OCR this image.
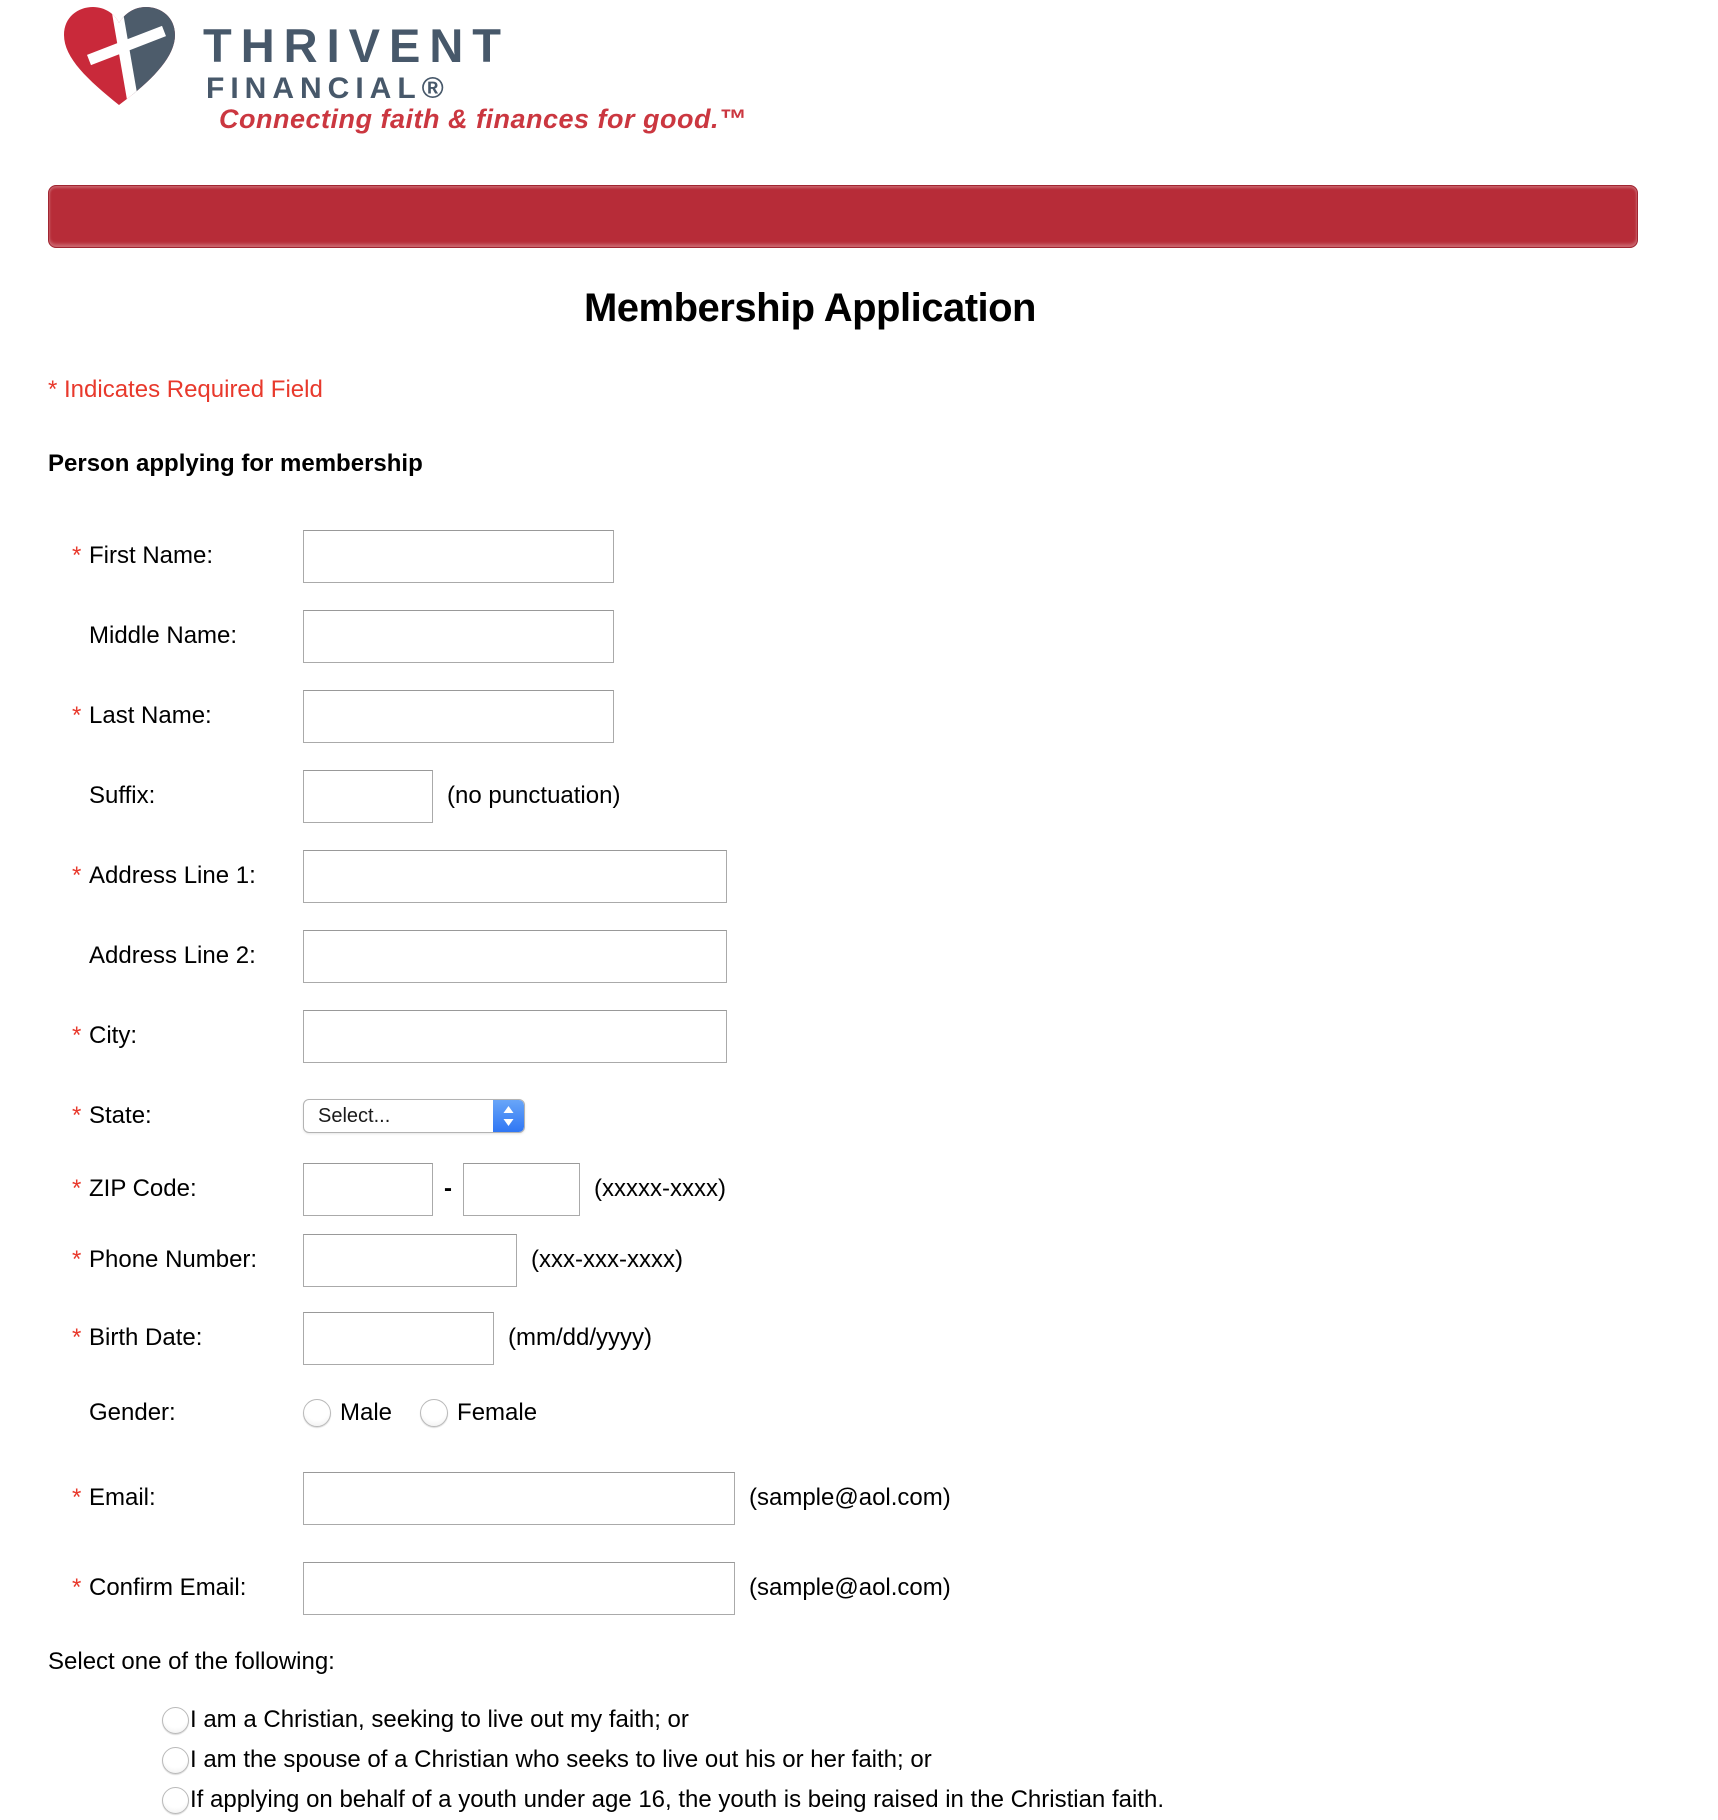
THRIVENT
FINANCIAL®
Connecting faith & finances for good.™
Membership Application
* Indicates Required Field
Person applying for membership
* First Name:
Middle Name:
* Last Name:
Suffix:	(no punctuation)
* Address Line 1:
Address Line 2:
* City:
* State:	Select...
* ZIP Code:	-	(xxxxx-xxxx)
* Phone Number:	(xxx-xxx-xxxx)
* Birth Date:	(mm/dd/yyyy)
Gender:	Male	Female
* Email:	(sample@aol.com)
* Confirm Email:	(sample@aol.com)
Select one of the following:
I am a Christian, seeking to live out my faith; or
I am the spouse of a Christian who seeks to live out his or her faith; or
If applying on behalf of a youth under age 16, the youth is being raised in the Christian faith.
